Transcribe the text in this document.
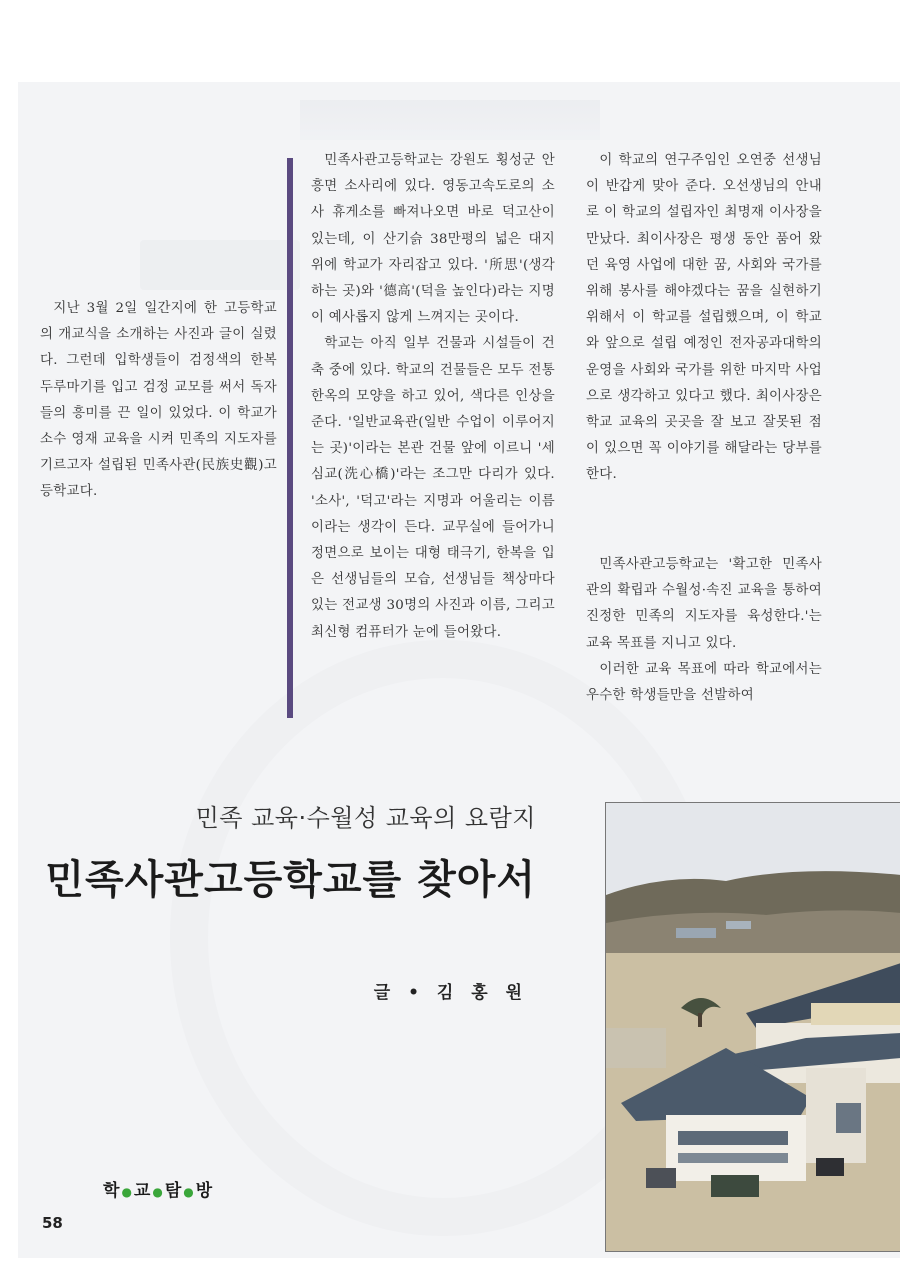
지난 3월 2일 일간지에 한 고등학교의 개교식을 소개하는 사진과 글이 실렸다. 그런데 입학생들이 검정색의 한복 두루마기를 입고 검정 교모를 써서 독자들의 흥미를 끈 일이 있었다. 이 학교가 소수 영재 교육을 시켜 민족의 지도자를 기르고자 설립된 민족사관(民族史觀)고등학교다.

민족사관고등학교는 강원도 횡성군 안흥면 소사리에 있다. 영동고속도로의 소사 휴게소를 빠져나오면 바로 덕고산이 있는데, 이 산기슭 38만평의 넓은 대지 위에 학교가 자리잡고 있다. '所思'(생각하는 곳)와 '德高'(덕을 높인다)라는 지명이 예사롭지 않게 느껴지는 곳이다.

학교는 아직 일부 건물과 시설들이 건축 중에 있다. 학교의 건물들은 모두 전통 한옥의 모양을 하고 있어, 색다른 인상을 준다. '일반교육관(일반 수업이 이루어지는 곳)'이라는 본관 건물 앞에 이르니 '세심교(洗心橋)'라는 조그만 다리가 있다. '소사', '덕고'라는 지명과 어울리는 이름이라는 생각이 든다. 교무실에 들어가니 정면으로 보이는 대형 태극기, 한복을 입은 선생님들의 모습, 선생님들 책상마다 있는 전교생 30명의 사진과 이름, 그리고 최신형 컴퓨터가 눈에 들어왔다.

이 학교의 연구주임인 오연중 선생님이 반갑게 맞아 준다. 오선생님의 안내로 이 학교의 설립자인 최명재 이사장을 만났다. 최이사장은 평생 동안 품어 왔던 육영 사업에 대한 꿈, 사회와 국가를 위해 봉사를 해야겠다는 꿈을 실현하기 위해서 이 학교를 설립했으며, 이 학교와 앞으로 설립 예정인 전자공과대학의 운영을 사회와 국가를 위한 마지막 사업으로 생각하고 있다고 했다. 최이사장은 학교 교육의 곳곳을 잘 보고 잘못된 점이 있으면 꼭 이야기를 해달라는 당부를 한다.

민족사관고등학교는 '확고한 민족사관의 확립과 수월성·속진 교육을 통하여 진정한 민족의 지도자를 육성한다.'는 교육 목표를 지니고 있다.

이러한 교육 목표에 따라 학교에서는 우수한 학생들만을 선발하여

민족 교육·수월성 교육의 요람지
민족사관고등학교를 찾아서
글 • 김 홍 원
학 ● 교 ● 탐 ● 방
58
